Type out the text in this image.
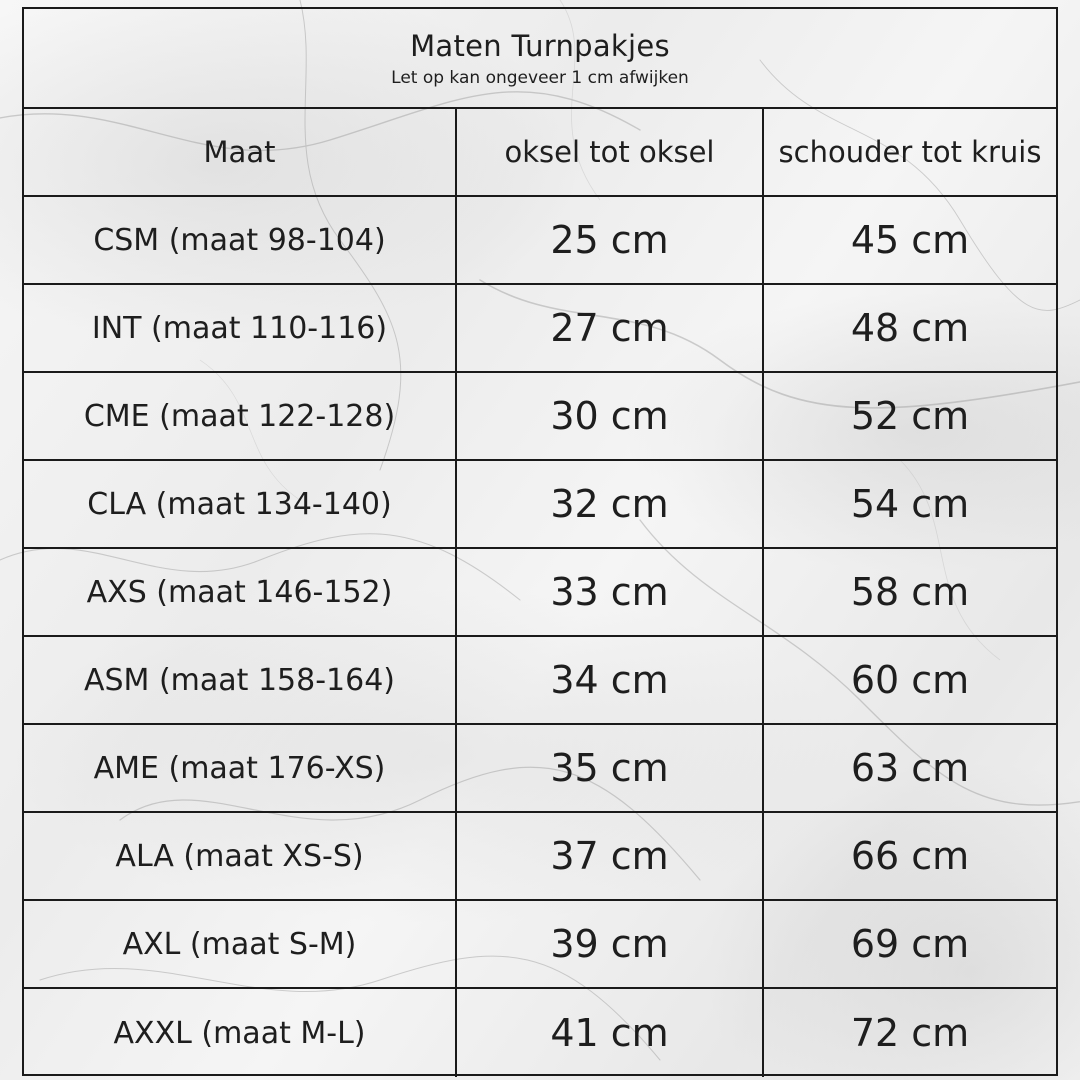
Maten Turnpakjes
Let op kan ongeveer 1 cm afwijken
Maat	oksel tot oksel	schouder tot kruis
CSM (maat 98-104)	25 cm	45 cm
INT (maat 110-116)	27 cm	48 cm
CME (maat 122-128)	30 cm	52 cm
CLA (maat 134-140)	32 cm	54 cm
AXS (maat 146-152)	33 cm	58 cm
ASM (maat 158-164)	34 cm	60 cm
AME (maat 176-XS)	35 cm	63 cm
ALA (maat XS-S)	37 cm	66 cm
AXL (maat S-M)	39 cm	69 cm
AXXL (maat M-L)	41 cm	72 cm
